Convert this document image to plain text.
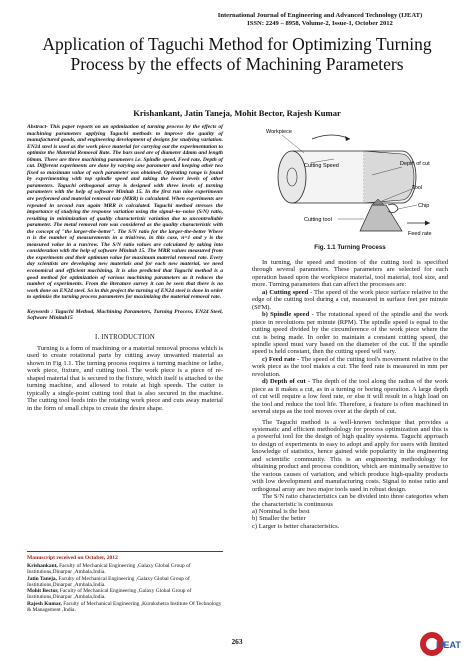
International Journal of Engineering and Advanced Technology (IJEAT)
ISSN: 2249 – 8958, Volume-2, Issue-1, October 2012
Application of Taguchi Method for Optimizing Turning Process by the effects of Machining Parameters
Krishankant, Jatin Taneja, Mohit Bector, Rajesh Kumar

Abstract- This paper reports on an optimization of turning process by the effects of machining parameters applying Taguchi methods to improve the quality of manufactured goods, and engineering development of designs for studying variation. EN24 steel is used as the work piece material for carrying out the experimentation to optimize the Material Removal Rate. The bars used are of diameter 44mm and length 60mm. There are three machining parameters i.e. Spindle speed, Feed rate, Depth of cut. Different experiments are done by varying one parameter and keeping other two fixed so maximum value of each parameter was obtained. Operating range is found by experimenting with top spindle speed and taking the lower levels of other parameters. Taguchi orthogonal array is designed with three levels of turning parameters with the help of software Minitab 15. In the first run nine experiments are performed and material removal rate (MRR) is calculated. When experiments are repeated in second run again MRR is calculated. Taguchi method stresses the importance of studying the response variation using the signal–to–noise (S/N) ratio, resulting in minimization of quality characteristic variation due to uncontrollable parameter. The metal removal rate was considered as the quality characteristic with the concept of "the larger-the-better". The S/N ratio for the larger-the-better Where n is the number of measurements in a trial/row, in this case, n=1 and y is the measured value in a run/row. The S/N ratio values are calculated by taking into consideration with the help of software Minitab 15. The MRR values measured from the experiments and their optimum value for maximum material removal rate. Every day scientists are developing new materials and for each new material, we need economical and efficient machining. It is also predicted that Taguchi method is a good method for optimization of various machining parameters as it reduces the number of experiments. From the literature survey it can be seen that there is no work done on EN24 steel. So in this project the turning of EN24 steel is done in order to optimize the turning process parameters for maximizing the material removal rate.

Keywords : Taguchi Method, Machining Parameters, Turning Process, EN24 Steel, Software Minitab15

I. INTRODUCTION

Turning is a form of machining or a material removal process which is used to create rotational parts by cutting away unwanted material as shown in Fig 1.1. The turning process requires a turning machine or lathe, work piece, fixture, and cutting tool. The work piece is a piece of re-shaped material that is secured to the fixture, which itself is attached to the turning machine, and allowed to rotate at high speeds. The cutter is typically a single-point cutting tool that is also secured in the machine. The cutting tool feeds into the rotating work piece and cuts away material in the form of small chips to create the desire shape.

Manuscript received on October, 2012

Krishankant, Faculty of Mechanical Engineering ,Galaxy Global Group of Institutions,Dinarpur ,Ambala,India.

Jatin Taneja, Faculty of Mechanical Engineering ,Galaxy Global Group of Institutions,Dinarpur ,Ambala,India.

Mohit Bector, Faculty of Mechanical Engineering ,Galaxy Global Group of Institutions,Dinarpur ,Ambala,India.

Rajesh Kumar, Faculty of Mechanical Engineering ,Kurukshetra Institute Of Technology & Management ,India.

Workpiece
Cutting Speed	Depth of cut
Tool
Chip
Cutting tool
Feed rate
Fig. 1.1 Turning Process

In turning, the speed and motion of the cutting tool is specified through several parameters. These parameters are selected for each operation based upon the workpiece material, tool material, tool size, and more. Turning parameters that can affect the processes are:

a) Cutting speed - The speed of the work piece surface relative to the edge of the cutting tool during a cut, measured in surface feet per minute (SFM).

b) Spindle speed - The rotational speed of the spindle and the work piece in revolutions per minute (RPM). The spindle speed is equal to the cutting speed divided by the circumference of the work piece where the cut is being made. In order to maintain a constant cutting speed, the spindle speed must vary based on the diameter of the cut. If the spindle speed is held constant, then the cutting speed will vary.

c) Feed rate - The speed of the cutting tool's movement relative to the work piece as the tool makes a cut. The feed rate is measured in mm per revolution.

d) Depth of cut - The depth of the tool along the radius of the work piece as it makes a cut, as in a turning or boring operation. A large depth of cut will require a low feed rate, or else it will result in a high load on the tool and reduce the tool life. Therefore, a feature is often machined in several steps as the tool moves over at the depth of cut.

The Taguchi method is a well-known technique that provides a systematic and efficient methodology for process optimization and this is a powerful tool for the design of high quality systems. Taguchi approach to design of experiments in easy to adopt and apply for users with limited knowledge of statistics, hence gained wide popularity in the engineering and scientific community. This is an engineering methodology for obtaining product and process condition, which are minimally sensitive to the various causes of variation, and which produce high-quality products with low development and manufacturing costs. Signal to noise ratio and orthogonal array are two major tools used in robust design.

The S/N ratio characteristics can be divided into three categories when the characteristic is continuous

a) Nominal is the best

b) Smaller the better

c) Larger is better characteristics.

263	IJEAT
